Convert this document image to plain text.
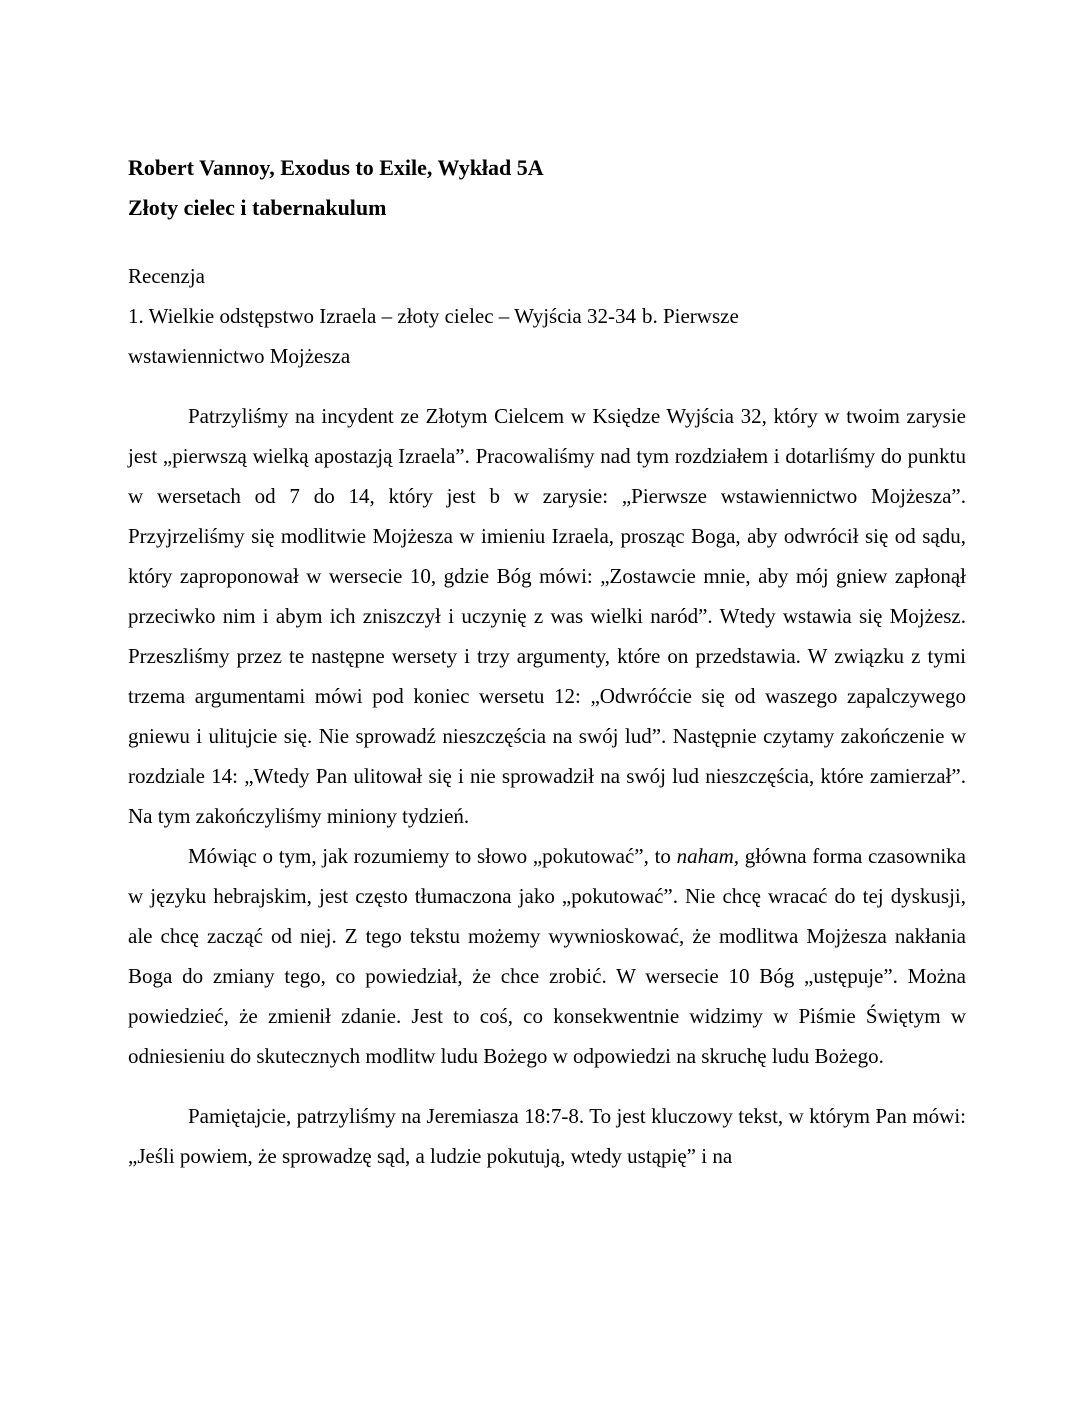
Robert Vannoy, Exodus to Exile, Wykład 5A

Złoty cielec i tabernakulum

Recenzja

1. Wielkie odstępstwo Izraela – złoty cielec – Wyjścia 32-34 b. Pierwsze

wstawiennictwo Mojżesza

Patrzyliśmy na incydent ze Złotym Cielcem w Księdze Wyjścia 32, który w twoim zarysie jest „pierwszą wielką apostazją Izraela”. Pracowaliśmy nad tym rozdziałem i dotarliśmy do punktu w wersetach od 7 do 14, który jest b w zarysie: „Pierwsze wstawiennictwo Mojżesza”. Przyjrzeliśmy się modlitwie Mojżesza w imieniu Izraela, prosząc Boga, aby odwrócił się od sądu, który zaproponował w wersecie 10, gdzie Bóg mówi: „Zostawcie mnie, aby mój gniew zapłonął przeciwko nim i abym ich zniszczył i uczynię z was wielki naród”. Wtedy wstawia się Mojżesz. Przeszliśmy przez te następne wersety i trzy argumenty, które on przedstawia. W związku z tymi trzema argumentami mówi pod koniec wersetu 12: „Odwróćcie się od waszego zapalczywego gniewu i ulitujcie się. Nie sprowadź nieszczęścia na swój lud”. Następnie czytamy zakończenie w rozdziale 14: „Wtedy Pan ulitował się i nie sprowadził na swój lud nieszczęścia, które zamierzał”. Na tym zakończyliśmy miniony tydzień.

Mówiąc o tym, jak rozumiemy to słowo „pokutować”, to naham, główna forma czasownika w języku hebrajskim, jest często tłumaczona jako „pokutować”. Nie chcę wracać do tej dyskusji, ale chcę zacząć od niej. Z tego tekstu możemy wywnioskować, że modlitwa Mojżesza nakłania Boga do zmiany tego, co powiedział, że chce zrobić. W wersecie 10 Bóg „ustępuje”. Można powiedzieć, że zmienił zdanie. Jest to coś, co konsekwentnie widzimy w Piśmie Świętym w odniesieniu do skutecznych modlitw ludu Bożego w odpowiedzi na skruchę ludu Bożego.

Pamiętajcie, patrzyliśmy na Jeremiasza 18:7-8. To jest kluczowy tekst, w którym Pan mówi: „Jeśli powiem, że sprowadzę sąd, a ludzie pokutują, wtedy ustąpię” i na
